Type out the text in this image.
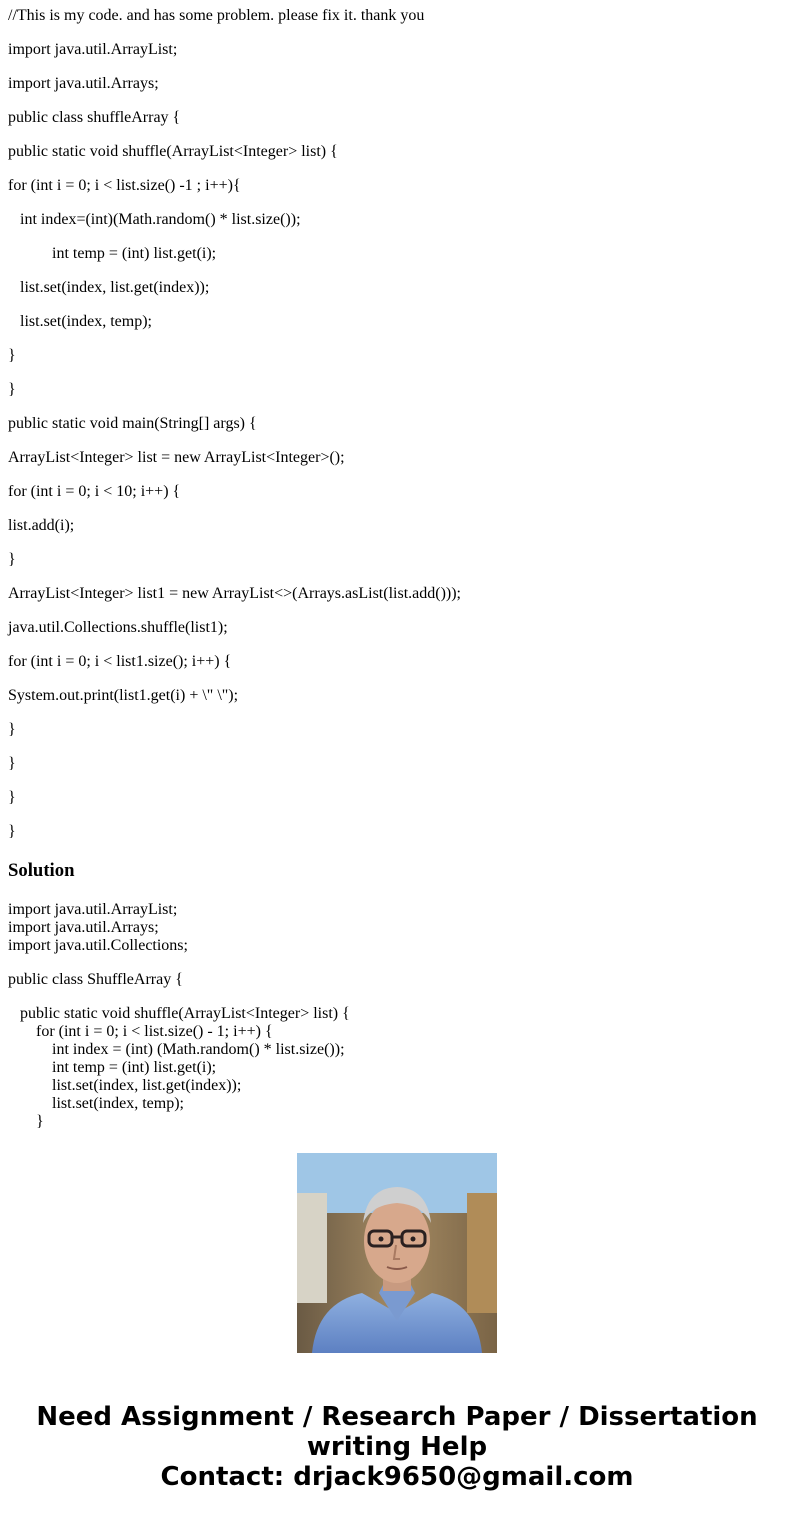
//This is my code. and has some problem. please fix it. thank you
import java.util.ArrayList;
import java.util.Arrays;
public class shuffleArray {
public static void shuffle(ArrayList<Integer> list) {
for (int i = 0; i < list.size() -1 ; i++){
int index=(int)(Math.random() * list.size());
int temp = (int) list.get(i);
list.set(index, list.get(index));
list.set(index, temp);
}
}
public static void main(String[] args) {
ArrayList<Integer> list = new ArrayList<Integer>();
for (int i = 0; i < 10; i++) {
list.add(i);
}
ArrayList<Integer> list1 = new ArrayList<>(Arrays.asList(list.add()));
java.util.Collections.shuffle(list1);
for (int i = 0; i < list1.size(); i++) {
System.out.print(list1.get(i) + \" \");
}
}
}
}
Solution
import java.util.ArrayList;
import java.util.Arrays;
import java.util.Collections;
public class ShuffleArray {
public static void shuffle(ArrayList<Integer> list) {
for (int i = 0; i < list.size() - 1; i++) {
int index = (int) (Math.random() * list.size());
int temp = (int) list.get(i);
list.set(index, list.get(index));
list.set(index, temp);
}
Need Assignment / Research Paper / Dissertation
writing Help
Contact: drjack9650@gmail.com
